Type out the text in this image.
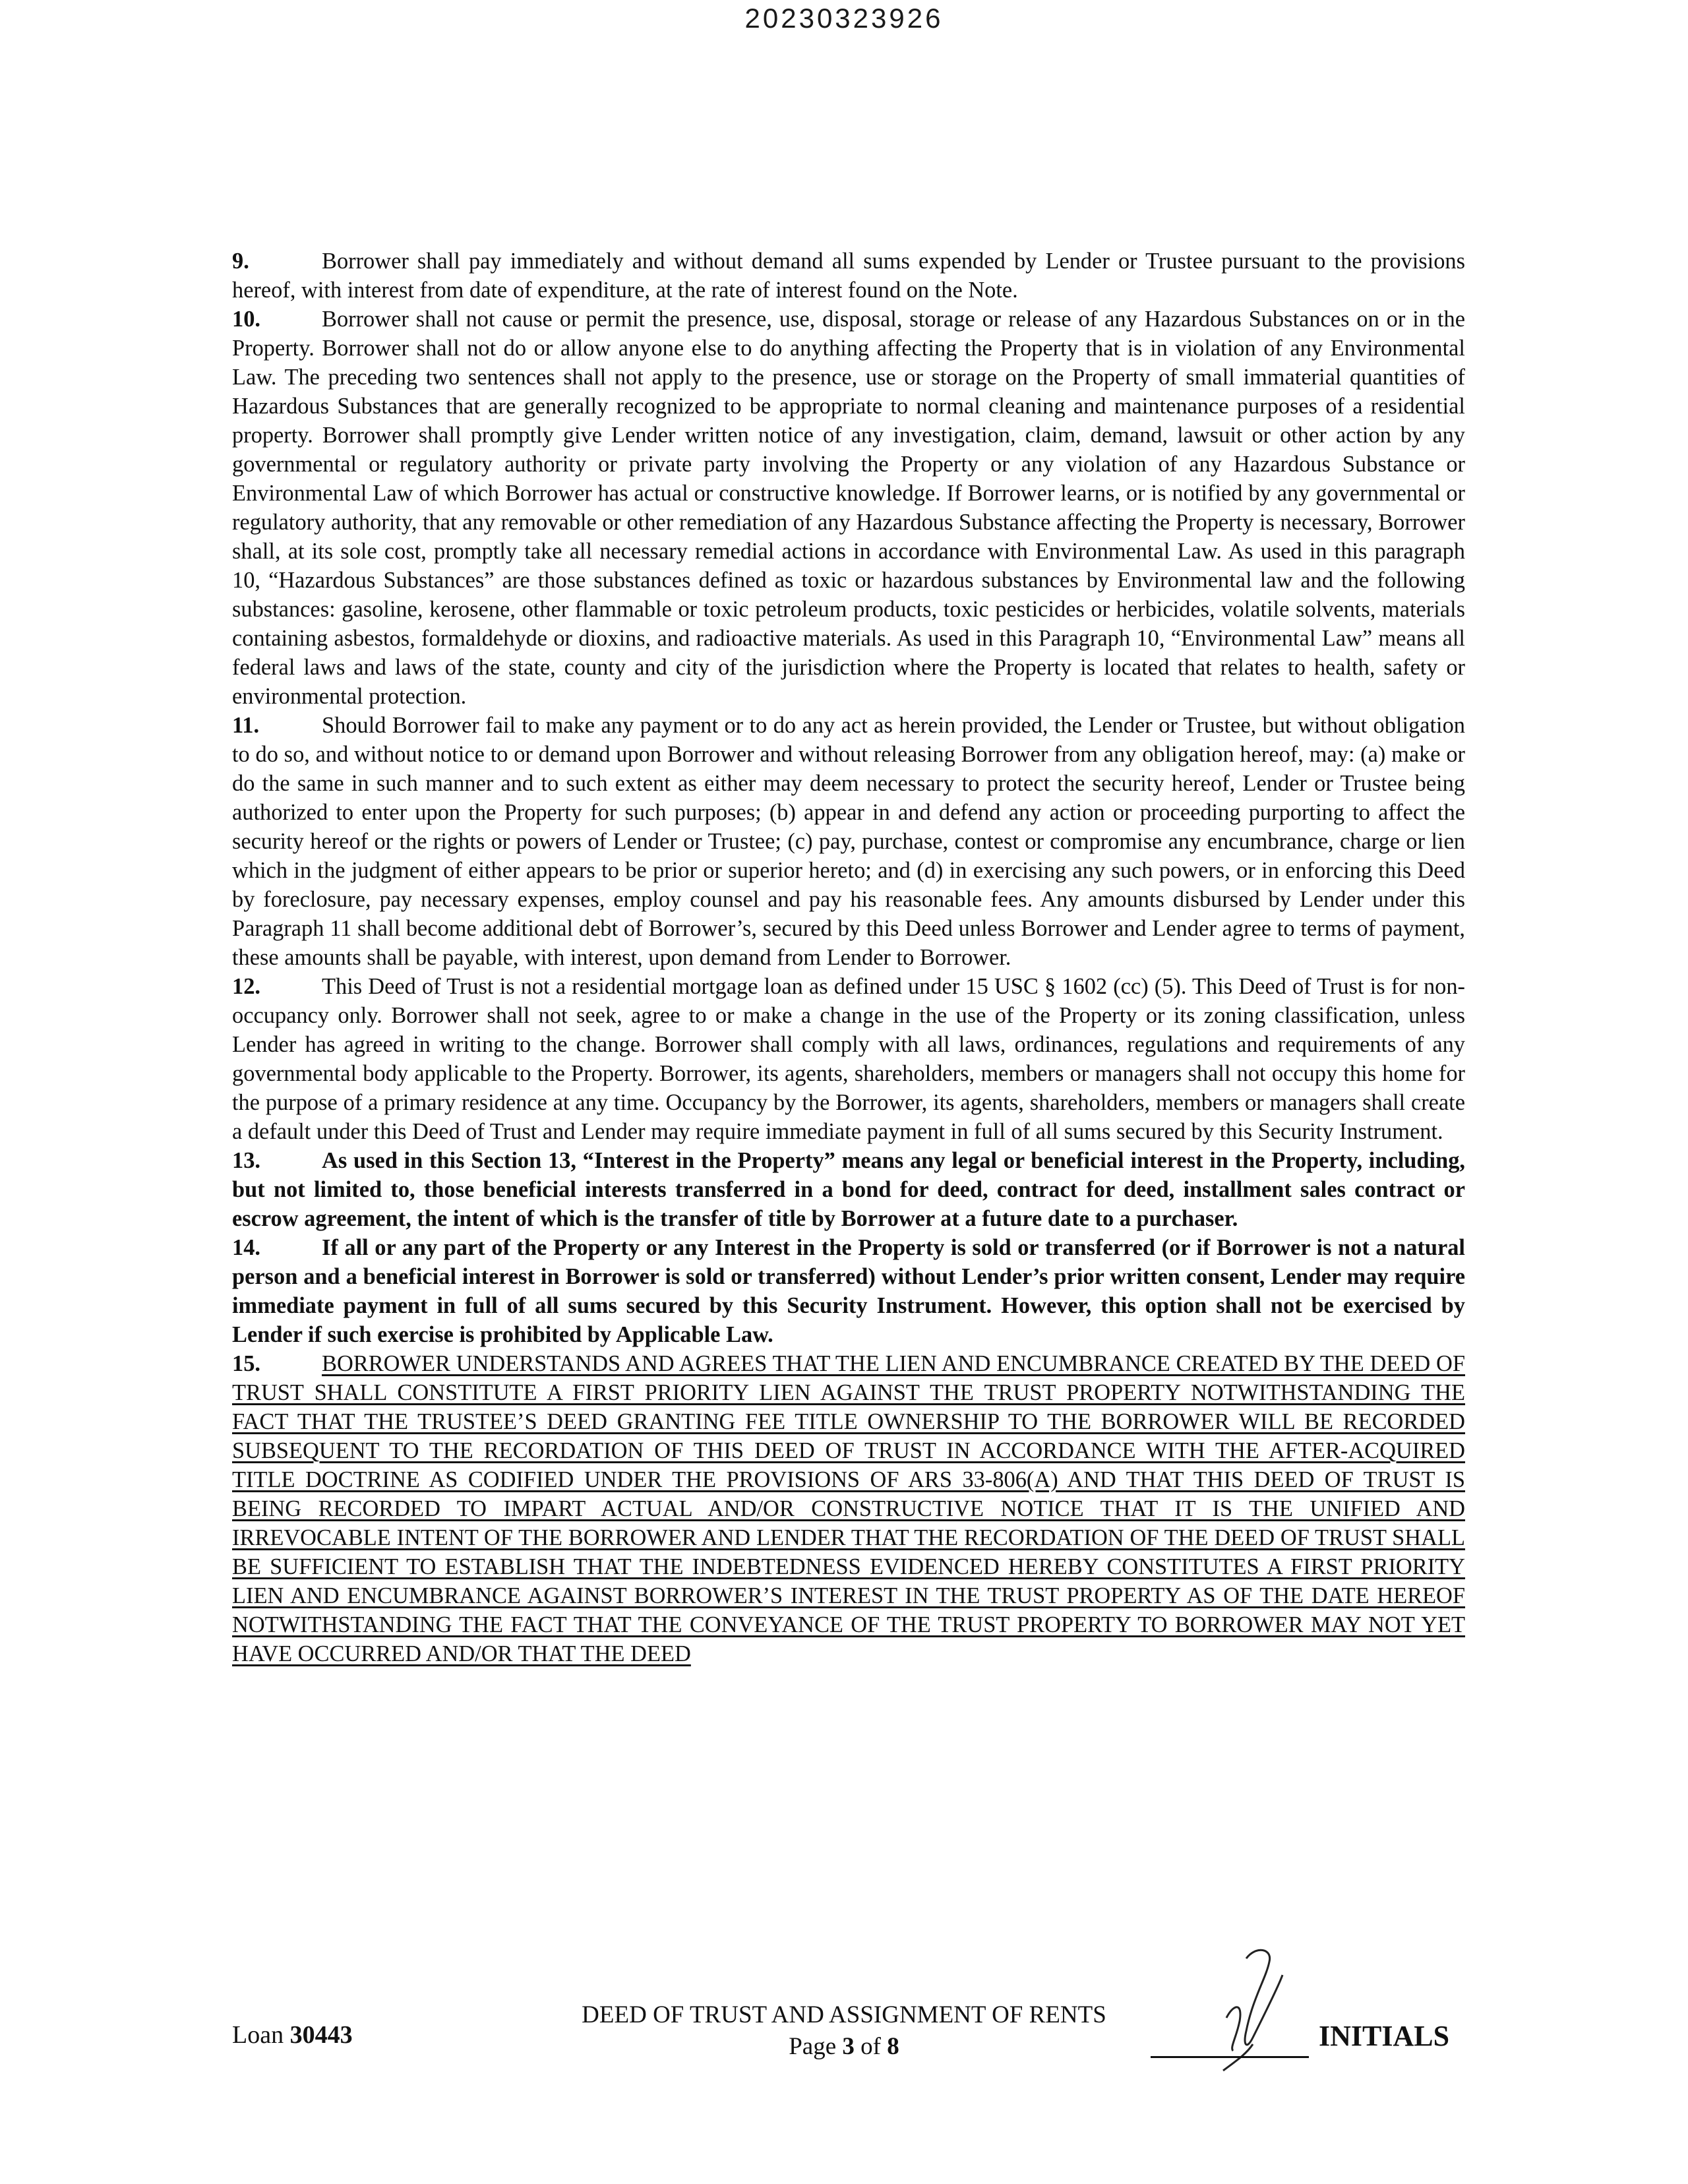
20230323926

9.	Borrower shall pay immediately and without demand all sums expended by Lender or Trustee pursuant to the provisions hereof, with interest from date of expenditure, at the rate of interest found on the Note.

10.	Borrower shall not cause or permit the presence, use, disposal, storage or release of any Hazardous Substances on or in the Property. Borrower shall not do or allow anyone else to do anything affecting the Property that is in violation of any Environmental Law. The preceding two sentences shall not apply to the presence, use or storage on the Property of small immaterial quantities of Hazardous Substances that are generally recognized to be appropriate to normal cleaning and maintenance purposes of a residential property. Borrower shall promptly give Lender written notice of any investigation, claim, demand, lawsuit or other action by any governmental or regulatory authority or private party involving the Property or any violation of any Hazardous Substance or Environmental Law of which Borrower has actual or constructive knowledge. If Borrower learns, or is notified by any governmental or regulatory authority, that any removable or other remediation of any Hazardous Substance affecting the Property is necessary, Borrower shall, at its sole cost, promptly take all necessary remedial actions in accordance with Environmental Law. As used in this paragraph 10, “Hazardous Substances” are those substances defined as toxic or hazardous substances by Environmental law and the following substances: gasoline, kerosene, other flammable or toxic petroleum products, toxic pesticides or herbicides, volatile solvents, materials containing asbestos, formaldehyde or dioxins, and radioactive materials. As used in this Paragraph 10, “Environmental Law” means all federal laws and laws of the state, county and city of the jurisdiction where the Property is located that relates to health, safety or environmental protection.

11.	Should Borrower fail to make any payment or to do any act as herein provided, the Lender or Trustee, but without obligation to do so, and without notice to or demand upon Borrower and without releasing Borrower from any obligation hereof, may: (a) make or do the same in such manner and to such extent as either may deem necessary to protect the security hereof, Lender or Trustee being authorized to enter upon the Property for such purposes; (b) appear in and defend any action or proceeding purporting to affect the security hereof or the rights or powers of Lender or Trustee; (c) pay, purchase, contest or compromise any encumbrance, charge or lien which in the judgment of either appears to be prior or superior hereto; and (d) in exercising any such powers, or in enforcing this Deed by foreclosure, pay necessary expenses, employ counsel and pay his reasonable fees. Any amounts disbursed by Lender under this Paragraph 11 shall become additional debt of Borrower’s, secured by this Deed unless Borrower and Lender agree to terms of payment, these amounts shall be payable, with interest, upon demand from Lender to Borrower.

12.	This Deed of Trust is not a residential mortgage loan as defined under 15 USC § 1602 (cc) (5). This Deed of Trust is for non-occupancy only. Borrower shall not seek, agree to or make a change in the use of the Property or its zoning classification, unless Lender has agreed in writing to the change. Borrower shall comply with all laws, ordinances, regulations and requirements of any governmental body applicable to the Property. Borrower, its agents, shareholders, members or managers shall not occupy this home for the purpose of a primary residence at any time. Occupancy by the Borrower, its agents, shareholders, members or managers shall create a default under this Deed of Trust and Lender may require immediate payment in full of all sums secured by this Security Instrument.

13.	As used in this Section 13, “Interest in the Property” means any legal or beneficial interest in the Property, including, but not limited to, those beneficial interests transferred in a bond for deed, contract for deed, installment sales contract or escrow agreement, the intent of which is the transfer of title by Borrower at a future date to a purchaser.

14.	If all or any part of the Property or any Interest in the Property is sold or transferred (or if Borrower is not a natural person and a beneficial interest in Borrower is sold or transferred) without Lender’s prior written consent, Lender may require immediate payment in full of all sums secured by this Security Instrument. However, this option shall not be exercised by Lender if such exercise is prohibited by Applicable Law.

15.	BORROWER UNDERSTANDS AND AGREES THAT THE LIEN AND ENCUMBRANCE CREATED BY THE DEED OF TRUST SHALL CONSTITUTE A FIRST PRIORITY LIEN AGAINST THE TRUST PROPERTY NOTWITHSTANDING THE FACT THAT THE TRUSTEE’S DEED GRANTING FEE TITLE OWNERSHIP TO THE BORROWER WILL BE RECORDED SUBSEQUENT TO THE RECORDATION OF THIS DEED OF TRUST IN ACCORDANCE WITH THE AFTER-ACQUIRED TITLE DOCTRINE AS CODIFIED UNDER THE PROVISIONS OF ARS 33-806(A) AND THAT THIS DEED OF TRUST IS BEING RECORDED TO IMPART ACTUAL AND/OR CONSTRUCTIVE NOTICE THAT IT IS THE UNIFIED AND IRREVOCABLE INTENT OF THE BORROWER AND LENDER THAT THE RECORDATION OF THE DEED OF TRUST SHALL BE SUFFICIENT TO ESTABLISH THAT THE INDEBTEDNESS EVIDENCED HEREBY CONSTITUTES A FIRST PRIORITY LIEN AND ENCUMBRANCE AGAINST BORROWER’S INTEREST IN THE TRUST PROPERTY AS OF THE DATE HEREOF NOTWITHSTANDING THE FACT THAT THE CONVEYANCE OF THE TRUST PROPERTY TO BORROWER MAY NOT YET HAVE OCCURRED AND/OR THAT THE DEED

Loan 30443
DEED OF TRUST AND ASSIGNMENT OF RENTS
Page 3 of 8	INITIALS
